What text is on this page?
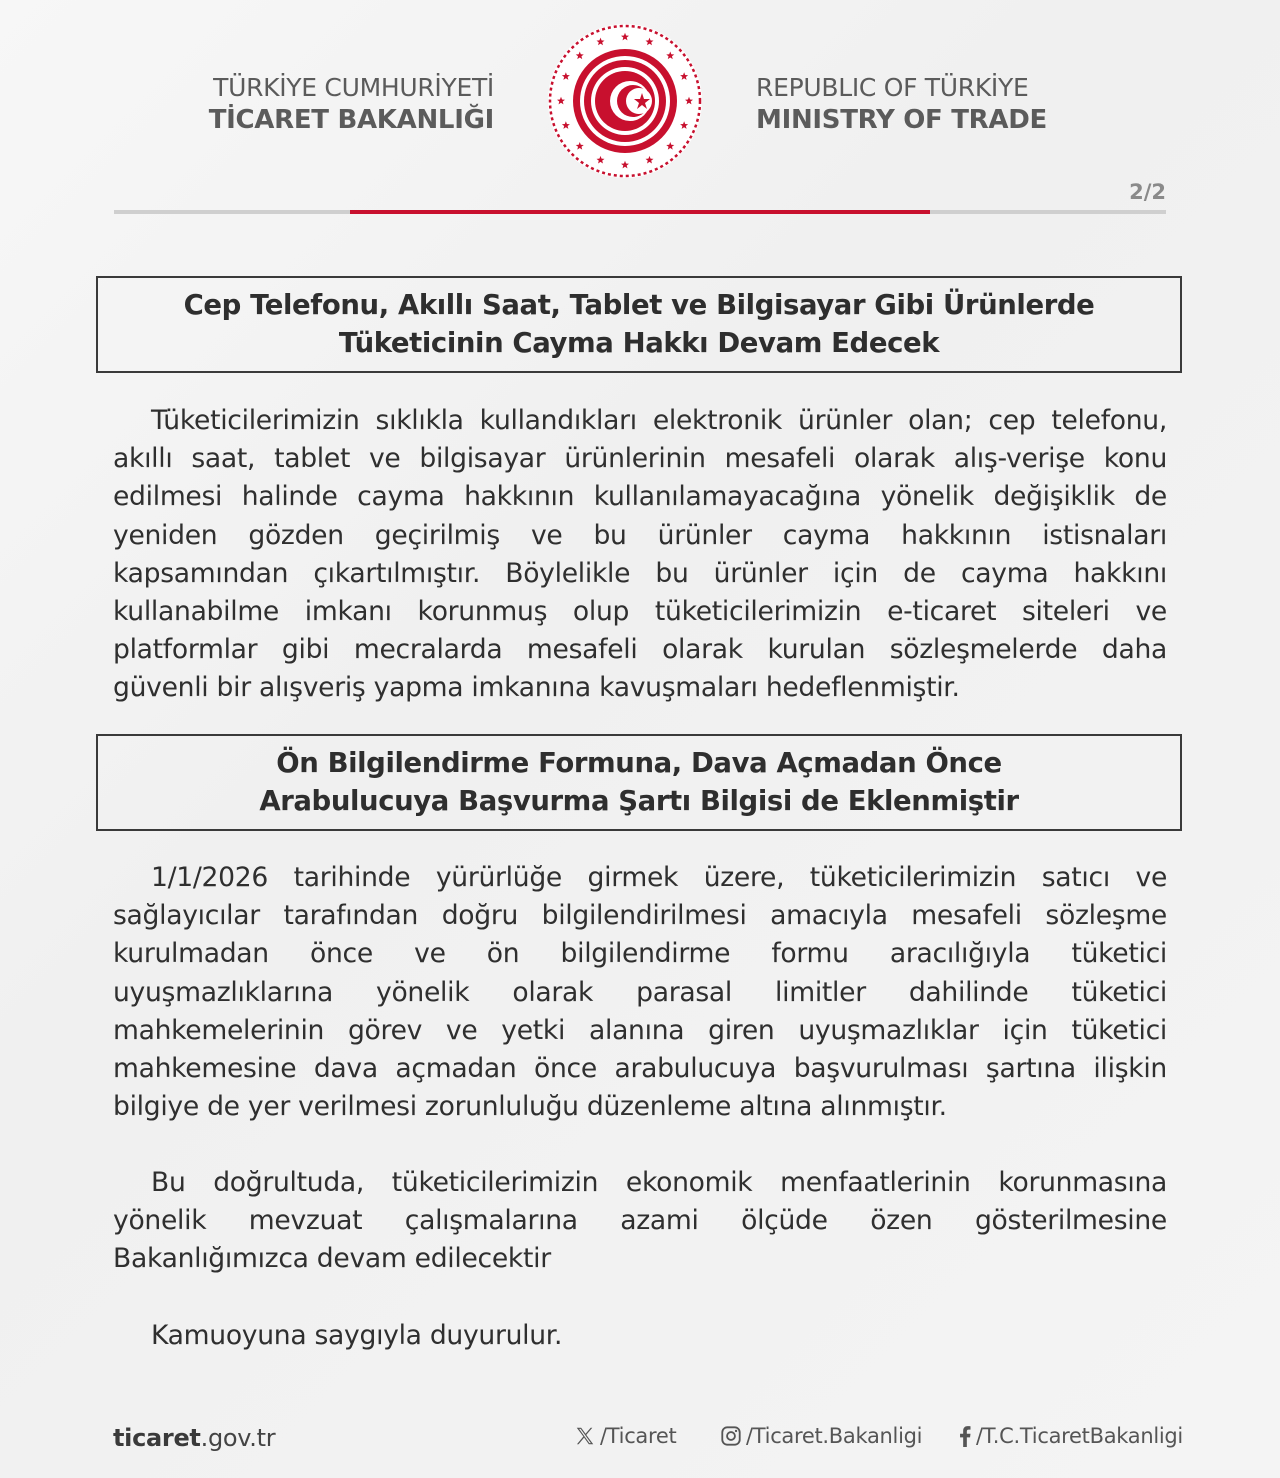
TÜRKİYE CUMHURİYETİ
TİCARET BAKANLIĞI
REPUBLIC OF TÜRKİYE
MINISTRY OF TRADE
2/2
Cep Telefonu, Akıllı Saat, Tablet ve Bilgisayar Gibi Ürünlerde
Tüketicinin Cayma Hakkı Devam Edecek
Tüketicilerimizin sıklıkla kullandıkları elektronik ürünler olan; cep telefonu,
akıllı saat, tablet ve bilgisayar ürünlerinin mesafeli olarak alış-verişe konu
edilmesi halinde cayma hakkının kullanılamayacağına yönelik değişiklik de
yeniden gözden geçirilmiş ve bu ürünler cayma hakkının istisnaları
kapsamından çıkartılmıştır. Böylelikle bu ürünler için de cayma hakkını
kullanabilme imkanı korunmuş olup tüketicilerimizin e-ticaret siteleri ve
platformlar gibi mecralarda mesafeli olarak kurulan sözleşmelerde daha
güvenli bir alışveriş yapma imkanına kavuşmaları hedeflenmiştir.
Ön Bilgilendirme Formuna, Dava Açmadan Önce
Arabulucuya Başvurma Şartı Bilgisi de Eklenmiştir
1/1/2026 tarihinde yürürlüğe girmek üzere, tüketicilerimizin satıcı ve
sağlayıcılar tarafından doğru bilgilendirilmesi amacıyla mesafeli sözleşme
kurulmadan önce ve ön bilgilendirme formu aracılığıyla tüketici
uyuşmazlıklarına yönelik olarak parasal limitler dahilinde tüketici
mahkemelerinin görev ve yetki alanına giren uyuşmazlıklar için tüketici
mahkemesine dava açmadan önce arabulucuya başvurulması şartına ilişkin
bilgiye de yer verilmesi zorunluluğu düzenleme altına alınmıştır.
Bu doğrultuda, tüketicilerimizin ekonomik menfaatlerinin korunmasına
yönelik mevzuat çalışmalarına azami ölçüde özen gösterilmesine
Bakanlığımızca devam edilecektir
Kamuoyuna saygıyla duyurulur.
ticaret.gov.tr	/Ticaret	/Ticaret.Bakanligi	/T.C.TicaretBakanligi
